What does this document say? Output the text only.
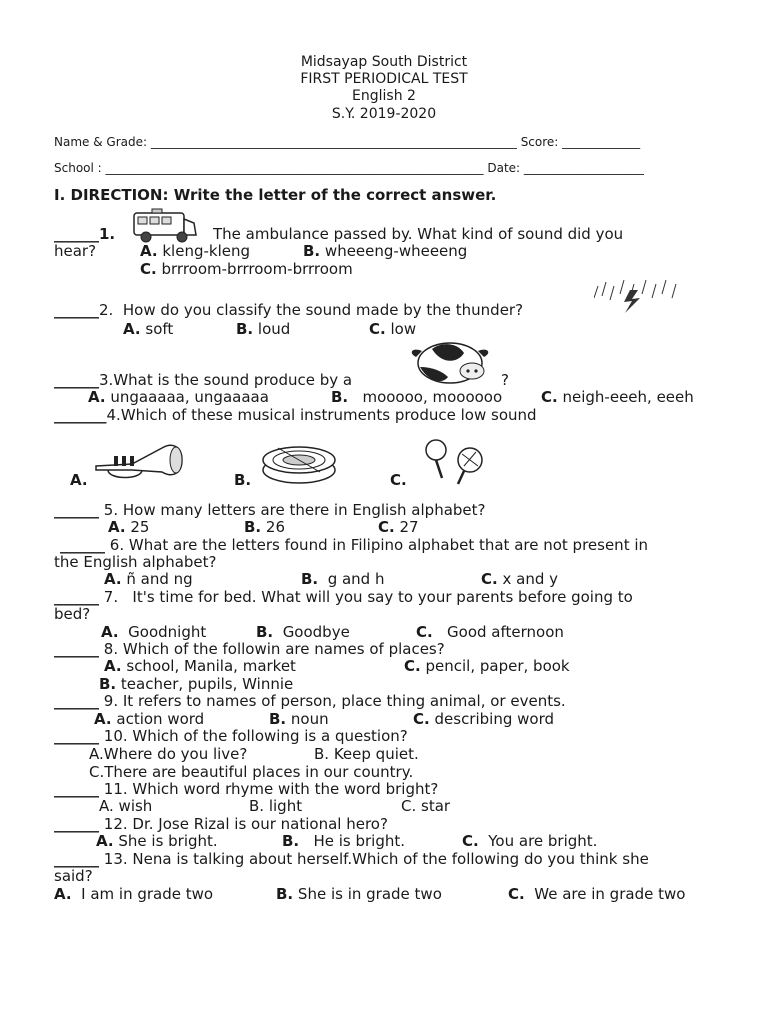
Midsayap South District
FIRST PERIODICAL TEST
English 2
S.Y. 2019-2020
Name & Grade: _____________________________________________________________ Score: _____________
School : _______________________________________________________________ Date: ____________________
I. DIRECTION: Write the letter of the correct answer.
______1.	The ambulance passed by. What kind of sound did you
hear?	A. kleng-kleng	B. wheeeng-wheeeng
C. brrroom-brrroom-brrroom
______2. How do you classify the sound made by the thunder?
A. soft	B. loud	C. low
______3.What is the sound produce by a	?
A. ungaaaaa, ungaaaaa	B. mooooo, moooooo	C. neigh-eeeh, eeeh
_______4.Which of these musical instruments produce low sound
A.	B.	C.
______ 5. How many letters are there in English alphabet?
A. 25	B. 26	C. 27
______ 6. What are the letters found in Filipino alphabet that are not present in
the English alphabet?
A. ñ and ng	B. g and h	C. x and y
______ 7. It's time for bed. What will you say to your parents before going to
bed?
A. Goodnight	B. Goodbye	C. Good afternoon
______ 8. Which of the followin are names of places?
A. school, Manila, market	C. pencil, paper, book
B. teacher, pupils, Winnie
______ 9. It refers to names of person, place thing animal, or events.
A. action word	B. noun	C. describing word
______ 10. Which of the following is a question?
A.Where do you live?	B. Keep quiet.
C.There are beautiful places in our country.
______ 11. Which word rhyme with the word bright?
A. wish	B. light	C. star
______ 12. Dr. Jose Rizal is our national hero?
A. She is bright.	B. He is bright.	C. You are bright.
______ 13. Nena is talking about herself.Which of the following do you think she
said?
A. I am in grade two	B. She is in grade two	C. We are in grade two
